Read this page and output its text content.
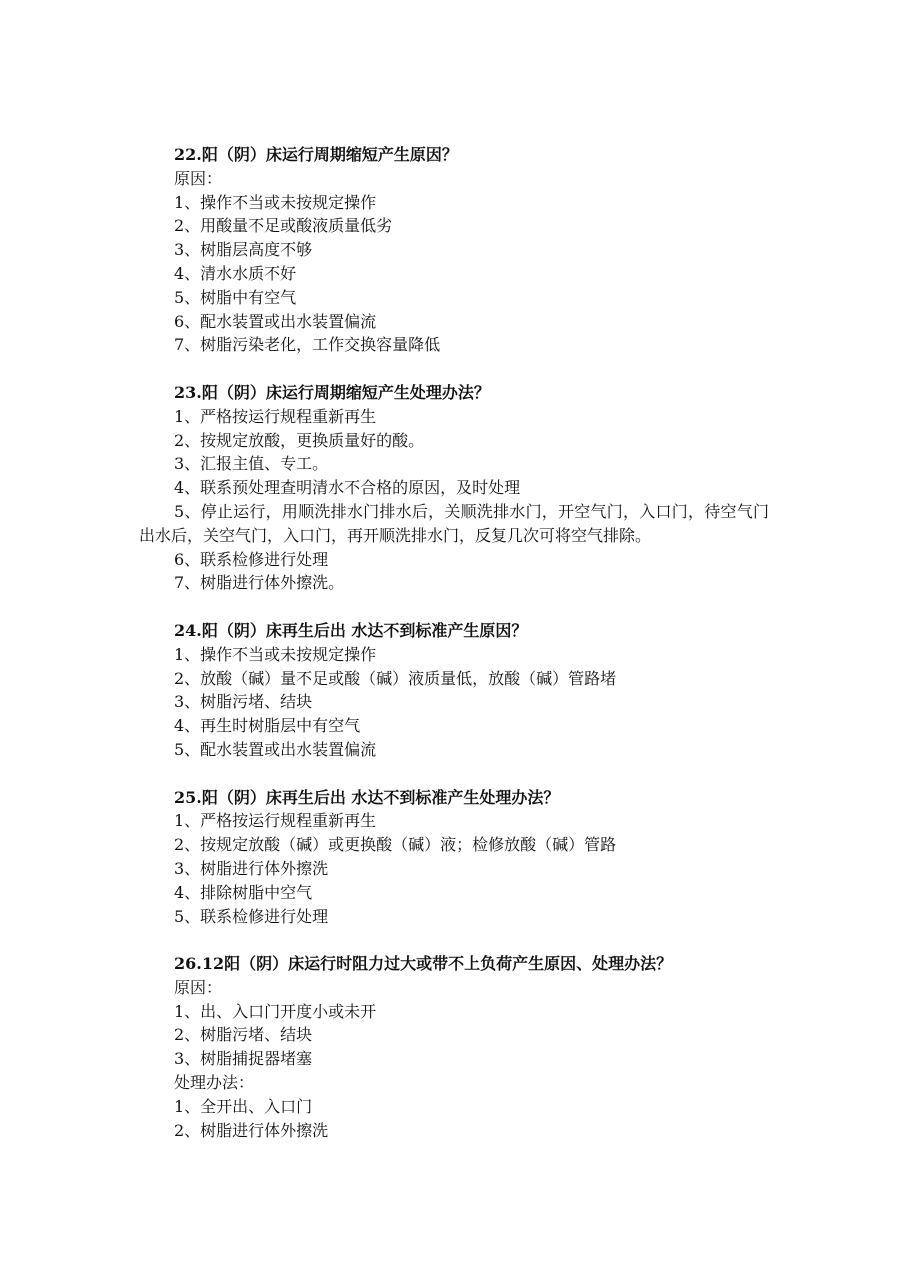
22.阳（阴）床运行周期缩短产生原因？

原因：

1、操作不当或未按规定操作

2、用酸量不足或酸液质量低劣

3、树脂层高度不够

4、清水水质不好

5、树脂中有空气

6、配水装置或出水装置偏流

7、树脂污染老化，工作交换容量降低

23.阳（阴）床运行周期缩短产生处理办法？

1、严格按运行规程重新再生

2、按规定放酸，更换质量好的酸。

3、汇报主值、专工。

4、联系预处理查明清水不合格的原因，及时处理

5、停止运行，用顺洗排水门排水后，关顺洗排水门，开空气门，入口门，待空气门出水后，关空气门，入口门，再开顺洗排水门，反复几次可将空气排除。

6、联系检修进行处理

7、树脂进行体外擦洗。

24.阳（阴）床再生后出 水达不到标准产生原因？

1、操作不当或未按规定操作

2、放酸（碱）量不足或酸（碱）液质量低，放酸（碱）管路堵

3、树脂污堵、结块

4、再生时树脂层中有空气

5、配水装置或出水装置偏流

25.阳（阴）床再生后出 水达不到标准产生处理办法？

1、严格按运行规程重新再生

2、按规定放酸（碱）或更换酸（碱）液；检修放酸（碱）管路

3、树脂进行体外擦洗

4、排除树脂中空气

5、联系检修进行处理

26.12阳（阴）床运行时阻力过大或带不上负荷产生原因、处理办法？

原因：

1、出、入口门开度小或未开

2、树脂污堵、结块

3、树脂捕捉器堵塞

处理办法：

1、全开出、入口门

2、树脂进行体外擦洗
